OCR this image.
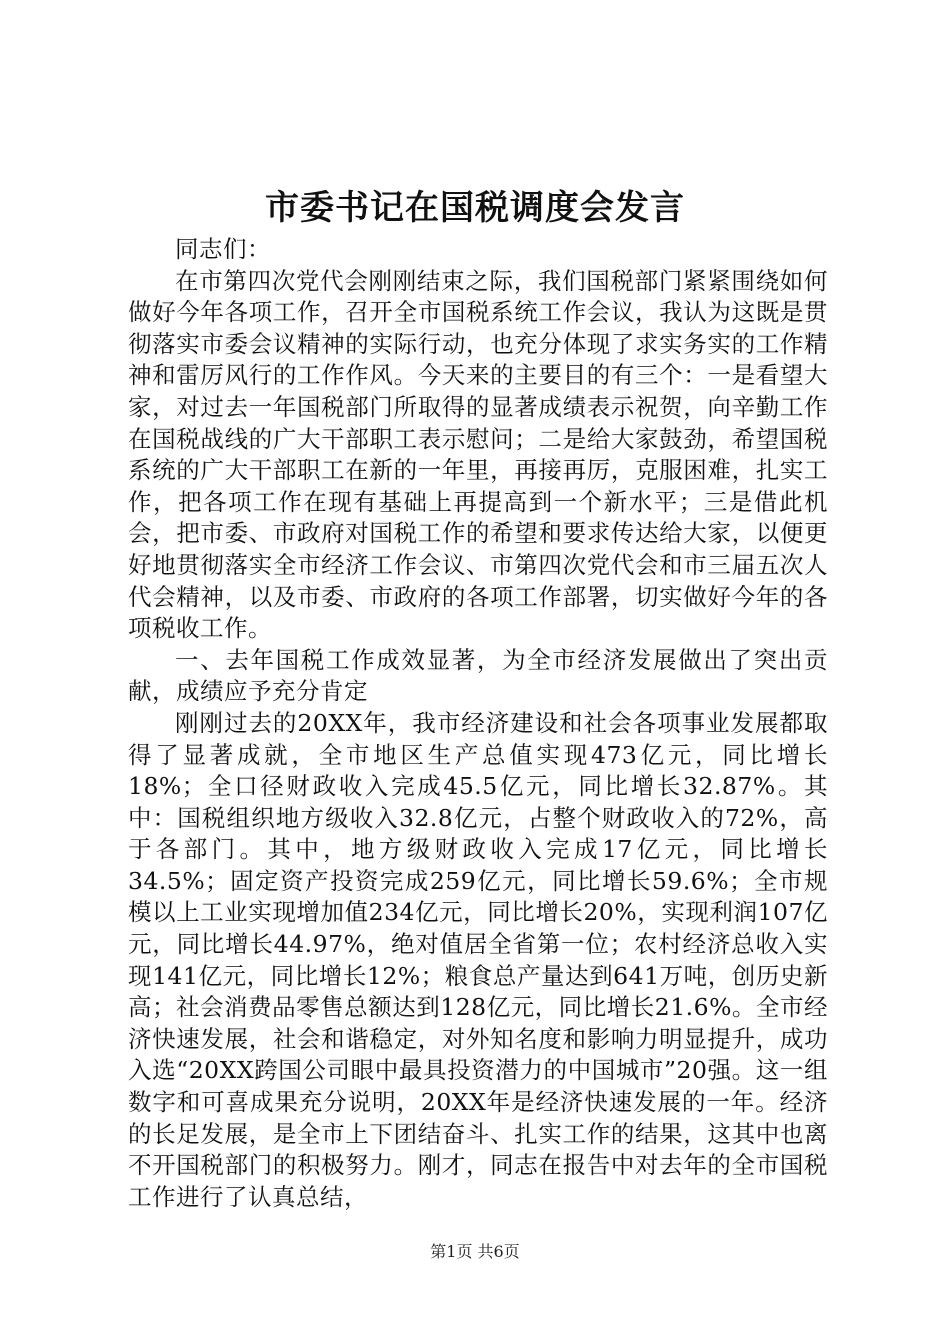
市委书记在国税调度会发言

同志们：

在市第四次党代会刚刚结束之际，我们国税部门紧紧围绕如何做好今年各项工作，召开全市国税系统工作会议，我认为这既是贯彻落实市委会议精神的实际行动，也充分体现了求实务实的工作精神和雷厉风行的工作作风。今天来的主要目的有三个：一是看望大家，对过去一年国税部门所取得的显著成绩表示祝贺，向辛勤工作在国税战线的广大干部职工表示慰问；二是给大家鼓劲，希望国税系统的广大干部职工在新的一年里，再接再厉，克服困难，扎实工作，把各项工作在现有基础上再提高到一个新水平；三是借此机会，把市委、市政府对国税工作的希望和要求传达给大家，以便更好地贯彻落实全市经济工作会议、市第四次党代会和市三届五次人代会精神，以及市委、市政府的各项工作部署，切实做好今年的各项税收工作。

一、去年国税工作成效显著，为全市经济发展做出了突出贡献，成绩应予充分肯定

刚刚过去的20XX年，我市经济建设和社会各项事业发展都取得了显著成就，全市地区生产总值实现473亿元，同比增长18%；全口径财政收入完成45.5亿元，同比增长32.87%。其中：国税组织地方级收入32.8亿元，占整个财政收入的72%，高于各部门。其中，地方级财政收入完成17亿元，同比增长34.5%；固定资产投资完成259亿元，同比增长59.6%；全市规模以上工业实现增加值234亿元，同比增长20%，实现利润107亿元，同比增长44.97%，绝对值居全省第一位；农村经济总收入实现141亿元，同比增长12%；粮食总产量达到641万吨，创历史新高；社会消费品零售总额达到128亿元，同比增长21.6%。全市经济快速发展，社会和谐稳定，对外知名度和影响力明显提升，成功入选“20XX跨国公司眼中最具投资潜力的中国城市”20强。这一组数字和可喜成果充分说明，20XX年是经济快速发展的一年。经济的长足发展，是全市上下团结奋斗、扎实工作的结果，这其中也离不开国税部门的积极努力。刚才，同志在报告中对去年的全市国税工作进行了认真总结，

第1页 共6页
